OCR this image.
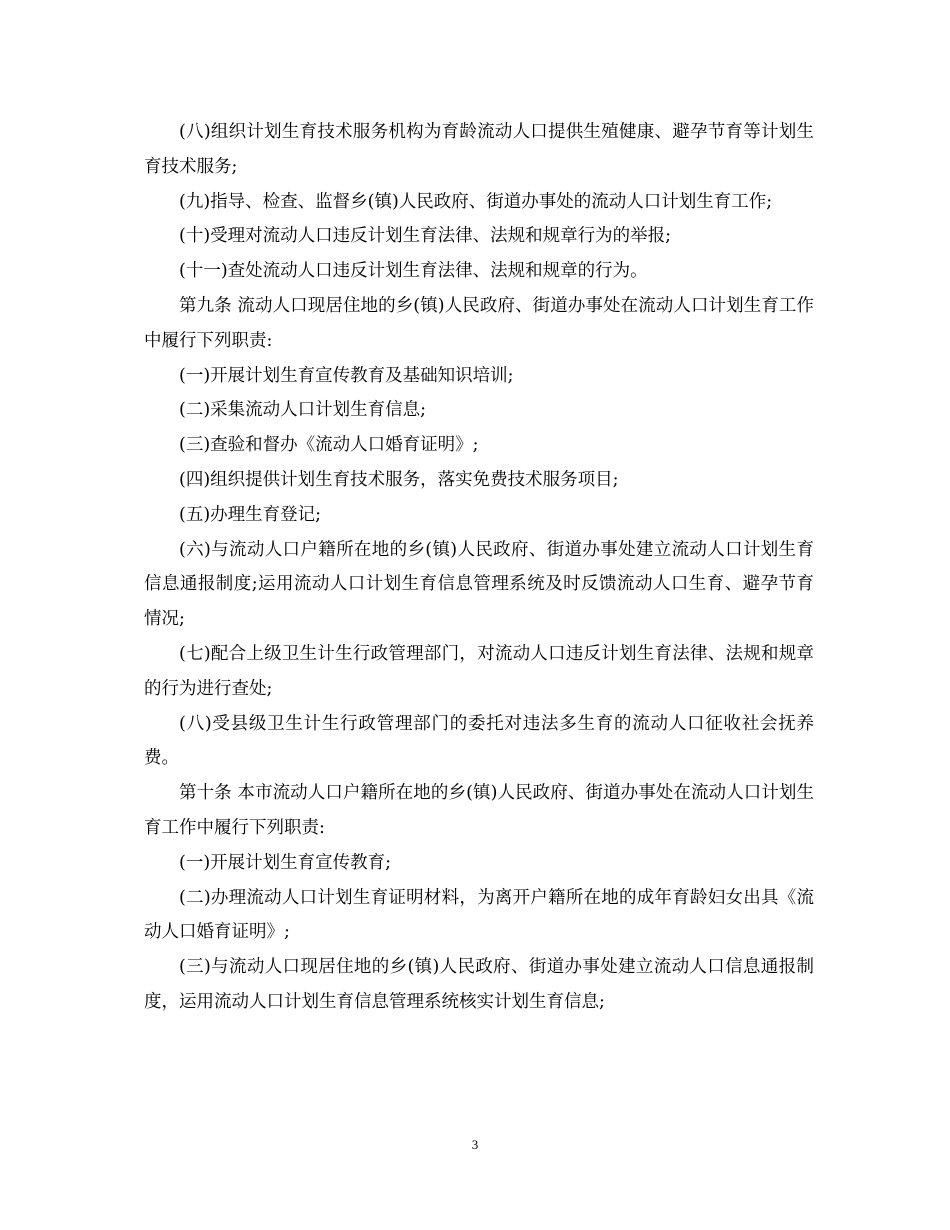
(八)组织计划生育技术服务机构为育龄流动人口提供生殖健康、避孕节育等计划生育技术服务;

(九)指导、检查、监督乡(镇)人民政府、街道办事处的流动人口计划生育工作;

(十)受理对流动人口违反计划生育法律、法规和规章行为的举报;

(十一)查处流动人口违反计划生育法律、法规和规章的行为。

第九条 流动人口现居住地的乡(镇)人民政府、街道办事处在流动人口计划生育工作中履行下列职责:

(一)开展计划生育宣传教育及基础知识培训;

(二)采集流动人口计划生育信息;

(三)查验和督办《流动人口婚育证明》;

(四)组织提供计划生育技术服务，落实免费技术服务项目;

(五)办理生育登记;

(六)与流动人口户籍所在地的乡(镇)人民政府、街道办事处建立流动人口计划生育信息通报制度;运用流动人口计划生育信息管理系统及时反馈流动人口生育、避孕节育情况;

(七)配合上级卫生计生行政管理部门，对流动人口违反计划生育法律、法规和规章的行为进行查处;

(八)受县级卫生计生行政管理部门的委托对违法多生育的流动人口征收社会抚养费。

第十条 本市流动人口户籍所在地的乡(镇)人民政府、街道办事处在流动人口计划生育工作中履行下列职责:

(一)开展计划生育宣传教育;

(二)办理流动人口计划生育证明材料，为离开户籍所在地的成年育龄妇女出具《流动人口婚育证明》;

(三)与流动人口现居住地的乡(镇)人民政府、街道办事处建立流动人口信息通报制度，运用流动人口计划生育信息管理系统核实计划生育信息;

3
